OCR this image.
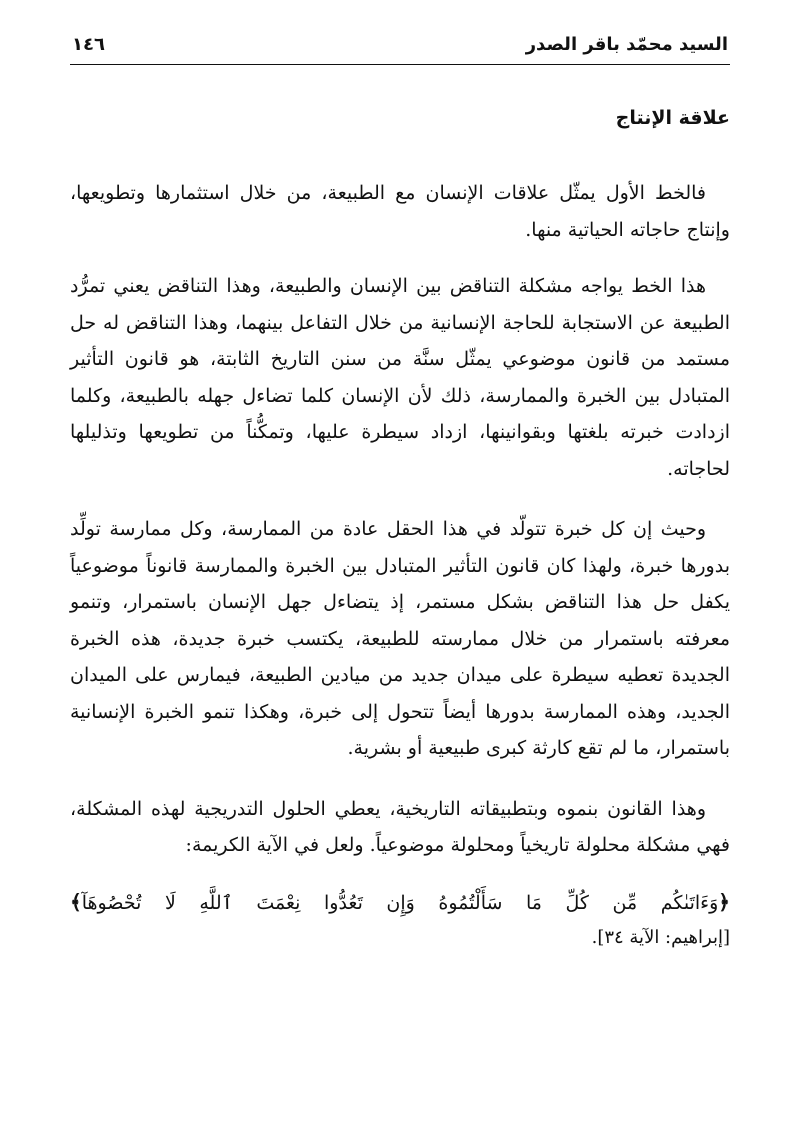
السيد محمّد باقر الصدر
١٤٦
علاقة الإنتاج

فالخط الأول يمثّل علاقات الإنسان مع الطبيعة، من خلال استثمارها وتطويعها، وإنتاج حاجاته الحياتية منها.

هذا الخط يواجه مشكلة التناقض بين الإنسان والطبيعة، وهذا التناقض يعني تمرُّد الطبيعة عن الاستجابة للحاجة الإنسانية من خلال التفاعل بينهما، وهذا التناقض له حل مستمد من قانون موضوعي يمثّل سنَّة من سنن التاريخ الثابتة، هو قانون التأثير المتبادل بين الخبرة والممارسة، ذلك لأن الإنسان كلما تضاءل جهله بالطبيعة، وكلما ازدادت خبرته بلغتها وبقوانينها، ازداد سيطرة عليها، وتمكُّناً من تطويعها وتذليلها لحاجاته.

وحيث إن كل خبرة تتولّد في هذا الحقل عادة من الممارسة، وكل ممارسة تولِّد بدورها خبرة، ولهذا كان قانون التأثير المتبادل بين الخبرة والممارسة قانوناً موضوعياً يكفل حل هذا التناقض بشكل مستمر، إذ يتضاءل جهل الإنسان باستمرار، وتنمو معرفته باستمرار من خلال ممارسته للطبيعة، يكتسب خبرة جديدة، هذه الخبرة الجديدة تعطيه سيطرة على ميدان جديد من ميادين الطبيعة، فيمارس على الميدان الجديد، وهذه الممارسة بدورها أيضاً تتحول إلى خبرة، وهكذا تنمو الخبرة الإنسانية باستمرار، ما لم تقع كارثة كبرى طبيعية أو بشرية.

وهذا القانون بنموه وبتطبيقاته التاريخية، يعطي الحلول التدريجية لهذه المشكلة، فهي مشكلة محلولة تاريخياً ومحلولة موضوعياً. ولعل في الآية الكريمة:

﴿وَءَاتَىٰكُم مِّن كُلِّ مَا سَأَلْتُمُوهُ وَإِن تَعُدُّوا نِعْمَتَ ٱللَّهِ لَا تُحْصُوهَآ﴾
[إبراهيم: الآية ٣٤].
